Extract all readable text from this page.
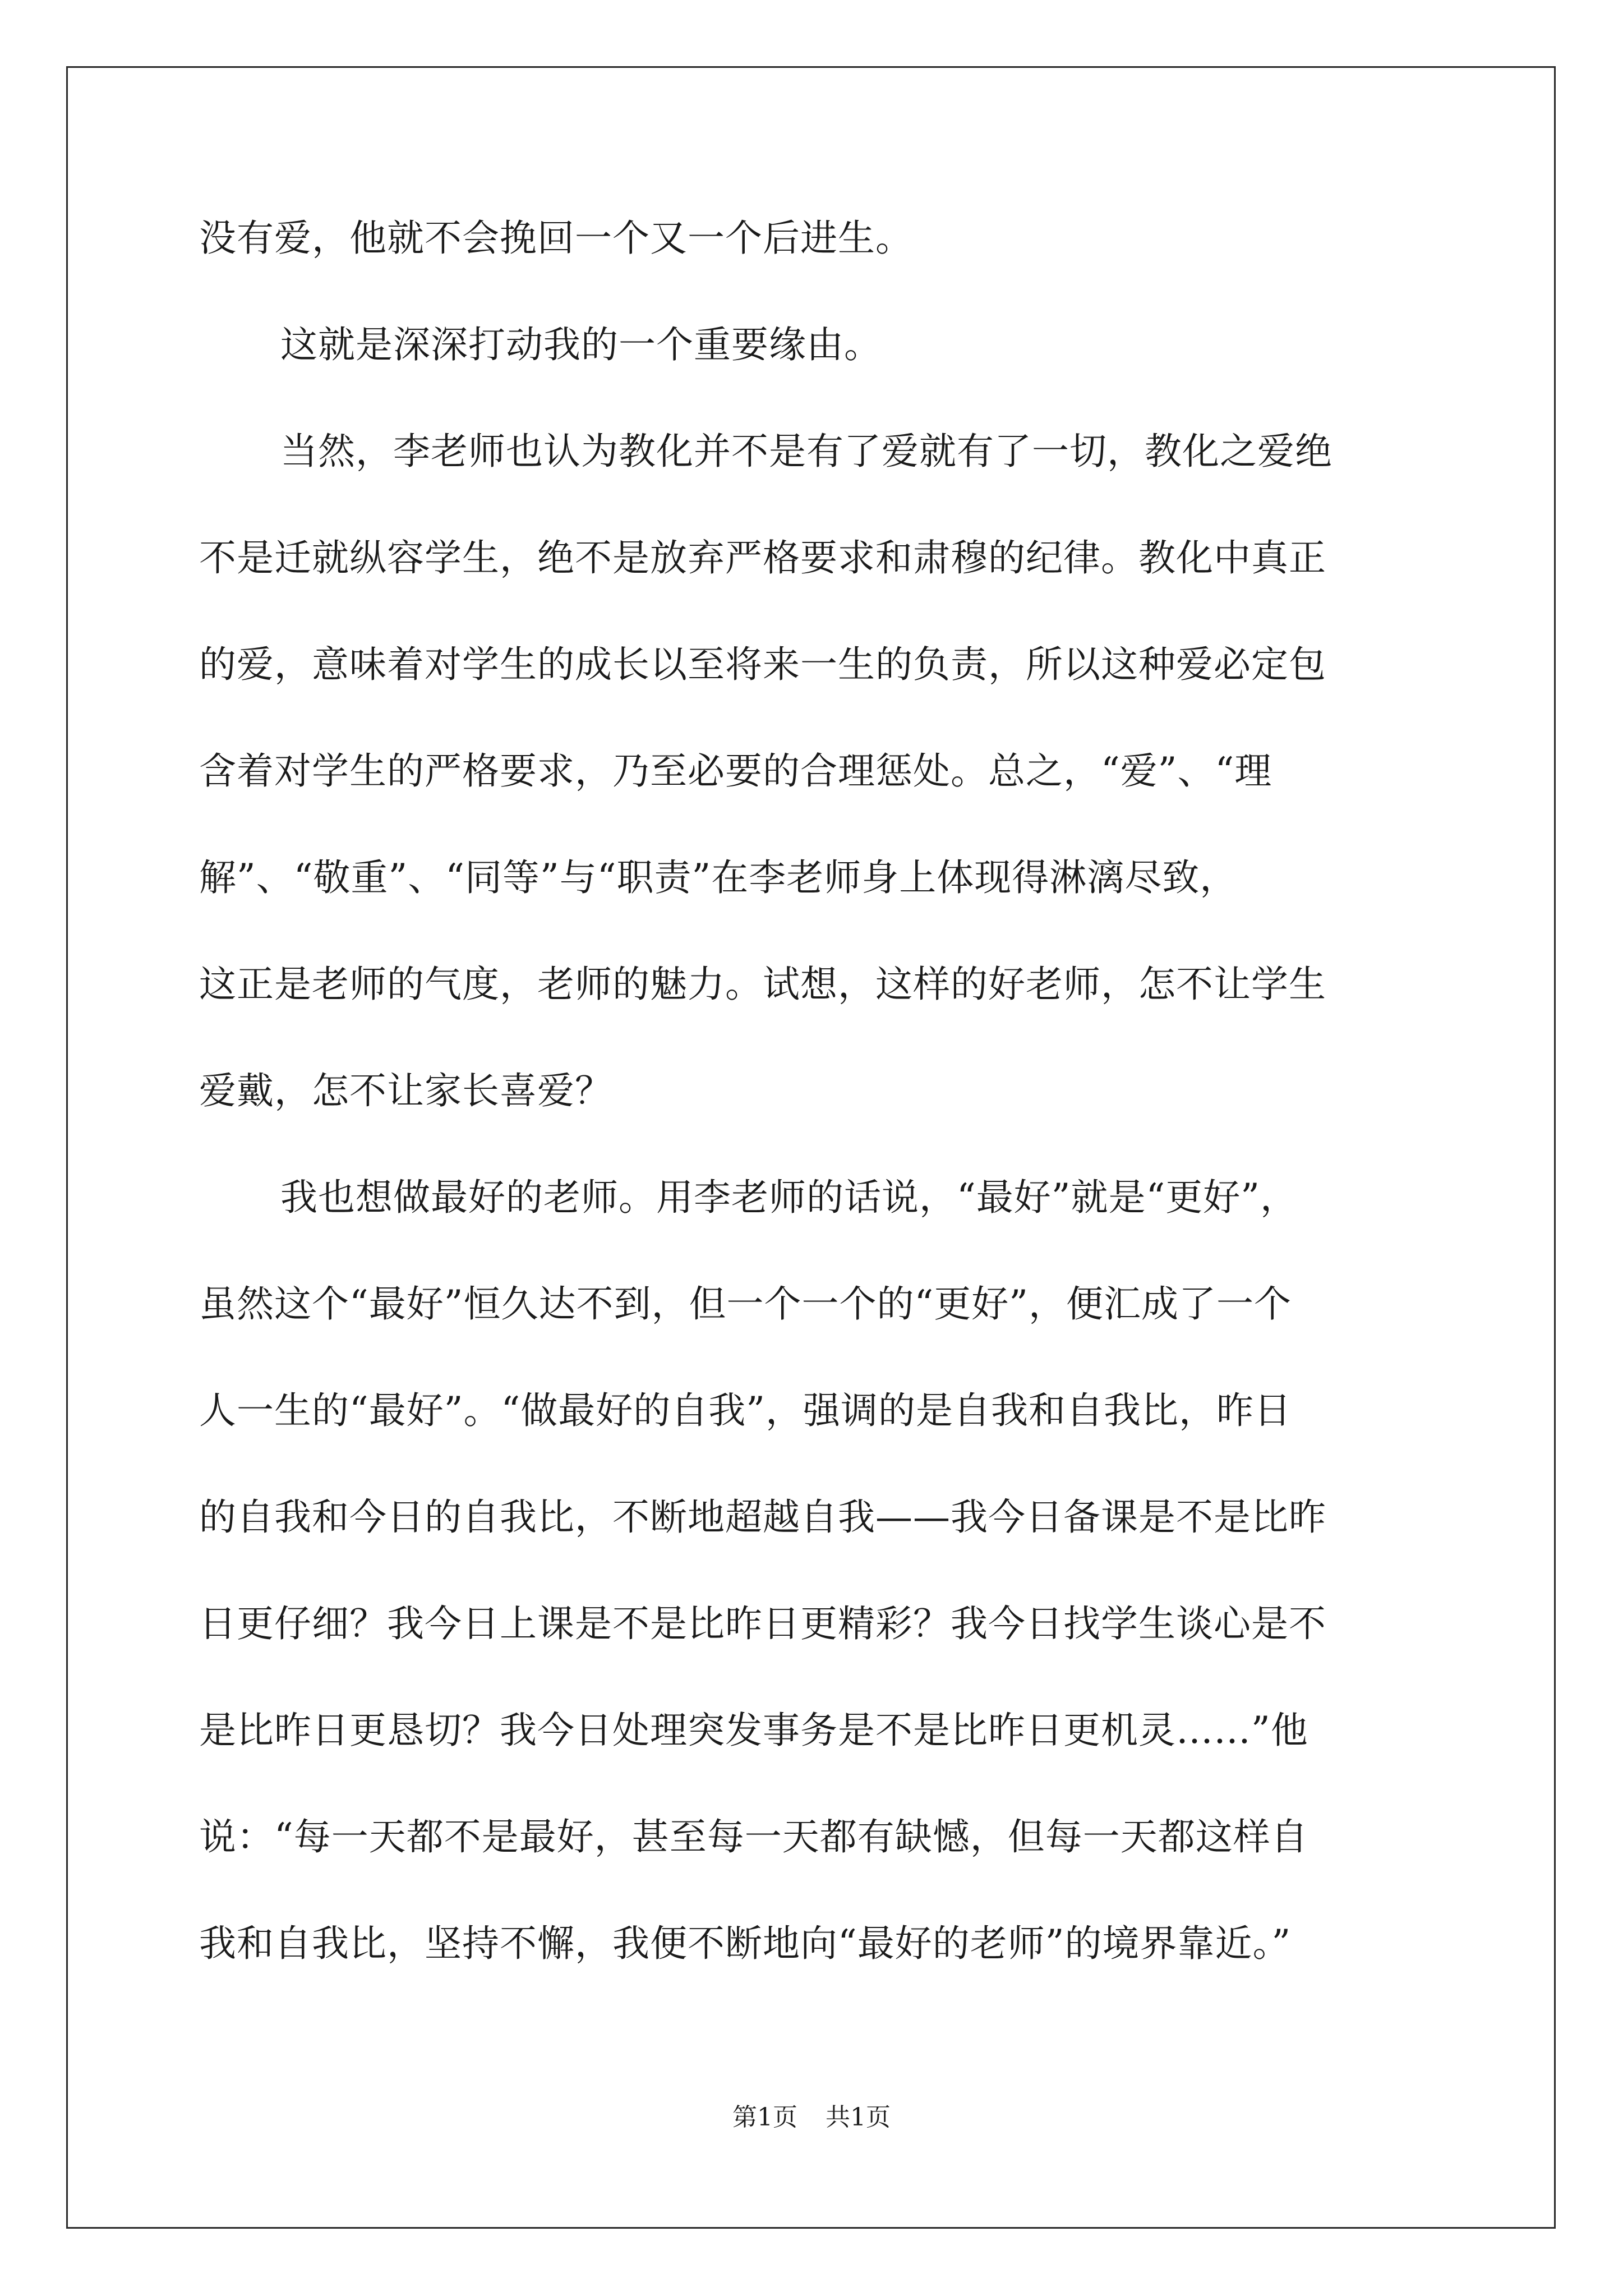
没有爱，他就不会挽回一个又一个后进生。
这就是深深打动我的一个重要缘由。
当然，李老师也认为教化并不是有了爱就有了一切，教化之爱绝
不是迁就纵容学生，绝不是放弃严格要求和肃穆的纪律。教化中真正
的爱，意味着对学生的成长以至将来一生的负责，所以这种爱必定包
含着对学生的严格要求，乃至必要的合理惩处。总之，“爱”、“理
解”、“敬重”、“同等”与“职责”在李老师身上体现得淋漓尽致，
这正是老师的气度，老师的魅力。试想，这样的好老师，怎不让学生
爱戴，怎不让家长喜爱？
我也想做最好的老师。用李老师的话说，“最好”就是“更好”，
虽然这个“最好”恒久达不到，但一个一个的“更好”，便汇成了一个
人一生的“最好”。“做最好的自我”，强调的是自我和自我比，昨日
的自我和今日的自我比，不断地超越自我——我今日备课是不是比昨
日更仔细？我今日上课是不是比昨日更精彩？我今日找学生谈心是不
是比昨日更恳切？我今日处理突发事务是不是比昨日更机灵……”他
说：“每一天都不是最好，甚至每一天都有缺憾，但每一天都这样自
我和自我比，坚持不懈，我便不断地向“最好的老师”的境界靠近。”
第1页 共1页
